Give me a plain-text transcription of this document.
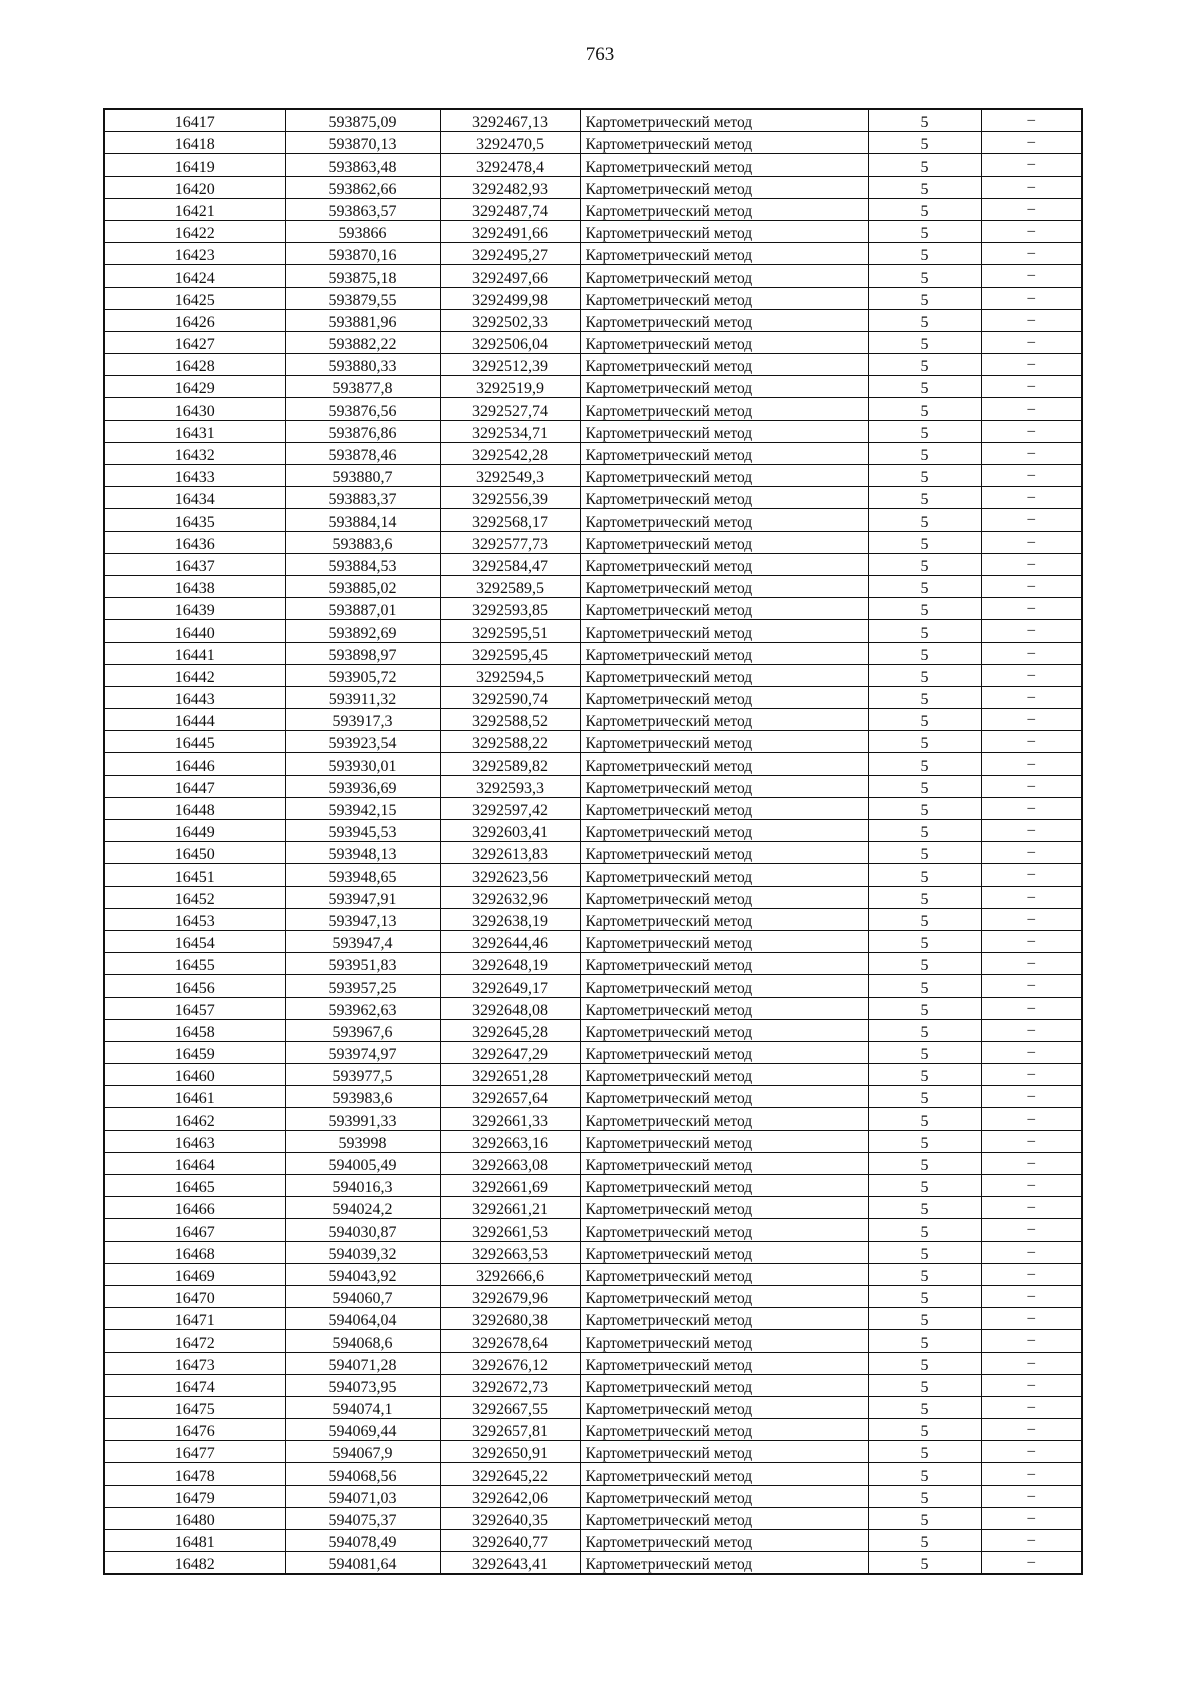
763
16417	593875,09	3292467,13	Картометрический метод	5	–
16418	593870,13	3292470,5	Картометрический метод	5	–
16419	593863,48	3292478,4	Картометрический метод	5	–
16420	593862,66	3292482,93	Картометрический метод	5	–
16421	593863,57	3292487,74	Картометрический метод	5	–
16422	593866	3292491,66	Картометрический метод	5	–
16423	593870,16	3292495,27	Картометрический метод	5	–
16424	593875,18	3292497,66	Картометрический метод	5	–
16425	593879,55	3292499,98	Картометрический метод	5	–
16426	593881,96	3292502,33	Картометрический метод	5	–
16427	593882,22	3292506,04	Картометрический метод	5	–
16428	593880,33	3292512,39	Картометрический метод	5	–
16429	593877,8	3292519,9	Картометрический метод	5	–
16430	593876,56	3292527,74	Картометрический метод	5	–
16431	593876,86	3292534,71	Картометрический метод	5	–
16432	593878,46	3292542,28	Картометрический метод	5	–
16433	593880,7	3292549,3	Картометрический метод	5	–
16434	593883,37	3292556,39	Картометрический метод	5	–
16435	593884,14	3292568,17	Картометрический метод	5	–
16436	593883,6	3292577,73	Картометрический метод	5	–
16437	593884,53	3292584,47	Картометрический метод	5	–
16438	593885,02	3292589,5	Картометрический метод	5	–
16439	593887,01	3292593,85	Картометрический метод	5	–
16440	593892,69	3292595,51	Картометрический метод	5	–
16441	593898,97	3292595,45	Картометрический метод	5	–
16442	593905,72	3292594,5	Картометрический метод	5	–
16443	593911,32	3292590,74	Картометрический метод	5	–
16444	593917,3	3292588,52	Картометрический метод	5	–
16445	593923,54	3292588,22	Картометрический метод	5	–
16446	593930,01	3292589,82	Картометрический метод	5	–
16447	593936,69	3292593,3	Картометрический метод	5	–
16448	593942,15	3292597,42	Картометрический метод	5	–
16449	593945,53	3292603,41	Картометрический метод	5	–
16450	593948,13	3292613,83	Картометрический метод	5	–
16451	593948,65	3292623,56	Картометрический метод	5	–
16452	593947,91	3292632,96	Картометрический метод	5	–
16453	593947,13	3292638,19	Картометрический метод	5	–
16454	593947,4	3292644,46	Картометрический метод	5	–
16455	593951,83	3292648,19	Картометрический метод	5	–
16456	593957,25	3292649,17	Картометрический метод	5	–
16457	593962,63	3292648,08	Картометрический метод	5	–
16458	593967,6	3292645,28	Картометрический метод	5	–
16459	593974,97	3292647,29	Картометрический метод	5	–
16460	593977,5	3292651,28	Картометрический метод	5	–
16461	593983,6	3292657,64	Картометрический метод	5	–
16462	593991,33	3292661,33	Картометрический метод	5	–
16463	593998	3292663,16	Картометрический метод	5	–
16464	594005,49	3292663,08	Картометрический метод	5	–
16465	594016,3	3292661,69	Картометрический метод	5	–
16466	594024,2	3292661,21	Картометрический метод	5	–
16467	594030,87	3292661,53	Картометрический метод	5	–
16468	594039,32	3292663,53	Картометрический метод	5	–
16469	594043,92	3292666,6	Картометрический метод	5	–
16470	594060,7	3292679,96	Картометрический метод	5	–
16471	594064,04	3292680,38	Картометрический метод	5	–
16472	594068,6	3292678,64	Картометрический метод	5	–
16473	594071,28	3292676,12	Картометрический метод	5	–
16474	594073,95	3292672,73	Картометрический метод	5	–
16475	594074,1	3292667,55	Картометрический метод	5	–
16476	594069,44	3292657,81	Картометрический метод	5	–
16477	594067,9	3292650,91	Картометрический метод	5	–
16478	594068,56	3292645,22	Картометрический метод	5	–
16479	594071,03	3292642,06	Картометрический метод	5	–
16480	594075,37	3292640,35	Картометрический метод	5	–
16481	594078,49	3292640,77	Картометрический метод	5	–
16482	594081,64	3292643,41	Картометрический метод	5	–
